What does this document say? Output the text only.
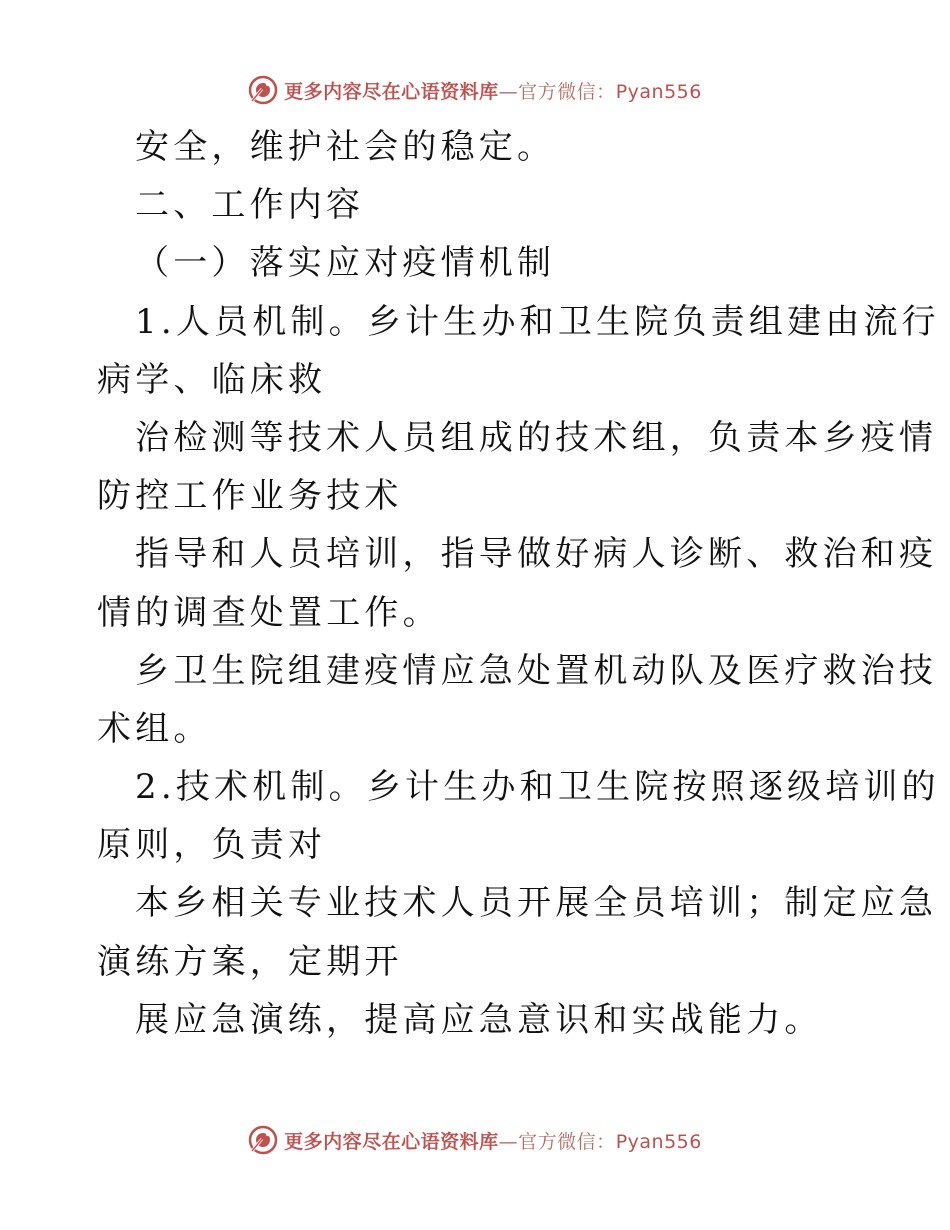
更多内容尽在心语资料库—官方微信：Pyan556
安全，维护社会的稳定。
二、工作内容
（一）落实应对疫情机制
1.人员机制。乡计生办和卫生院负责组建由流行
病学、临床救
治检测等技术人员组成的技术组，负责本乡疫情
防控工作业务技术
指导和人员培训，指导做好病人诊断、救治和疫
情的调查处置工作。
乡卫生院组建疫情应急处置机动队及医疗救治技
术组。
2.技术机制。乡计生办和卫生院按照逐级培训的
原则，负责对
本乡相关专业技术人员开展全员培训；制定应急
演练方案，定期开
展应急演练，提高应急意识和实战能力。
更多内容尽在心语资料库—官方微信：Pyan556
